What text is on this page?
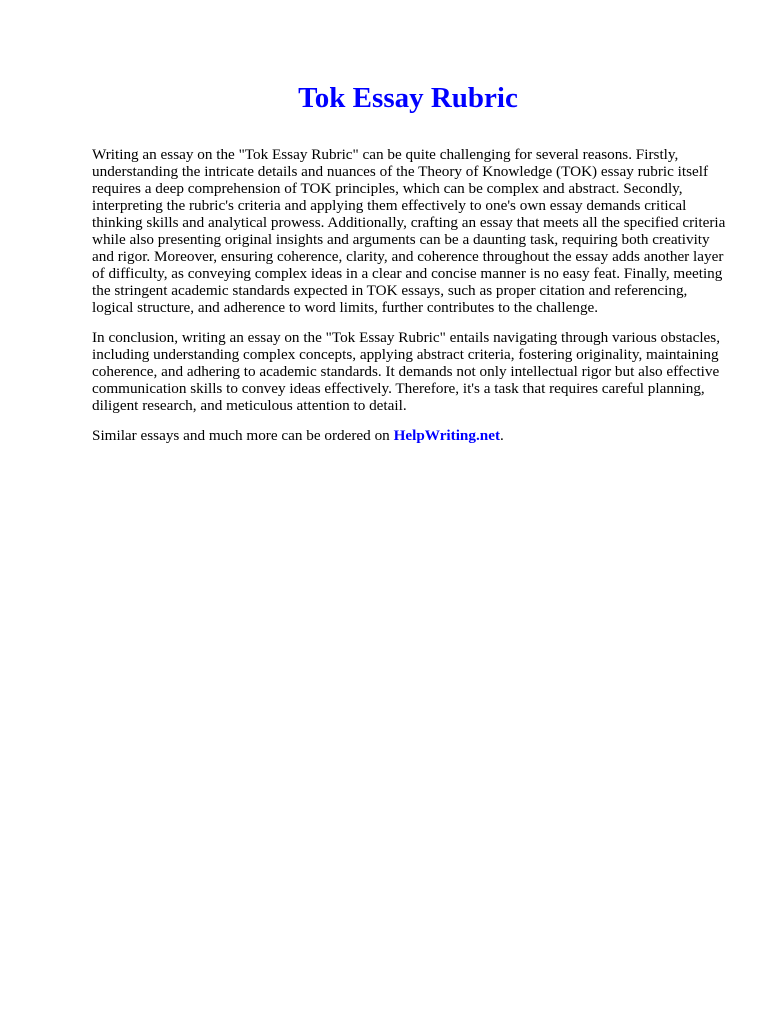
Tok Essay Rubric

Writing an essay on the "Tok Essay Rubric" can be quite challenging for several reasons. Firstly, understanding the intricate details and nuances of the Theory of Knowledge (TOK) essay rubric itself requires a deep comprehension of TOK principles, which can be complex and abstract. Secondly, interpreting the rubric's criteria and applying them effectively to one's own essay demands critical thinking skills and analytical prowess. Additionally, crafting an essay that meets all the specified criteria while also presenting original insights and arguments can be a daunting task, requiring both creativity and rigor. Moreover, ensuring coherence, clarity, and coherence throughout the essay adds another layer of difficulty, as conveying complex ideas in a clear and concise manner is no easy feat. Finally, meeting the stringent academic standards expected in TOK essays, such as proper citation and referencing, logical structure, and adherence to word limits, further contributes to the challenge.

In conclusion, writing an essay on the "Tok Essay Rubric" entails navigating through various obstacles, including understanding complex concepts, applying abstract criteria, fostering originality, maintaining coherence, and adhering to academic standards. It demands not only intellectual rigor but also effective communication skills to convey ideas effectively. Therefore, it's a task that requires careful planning, diligent research, and meticulous attention to detail.

Similar essays and much more can be ordered on HelpWriting.net.
